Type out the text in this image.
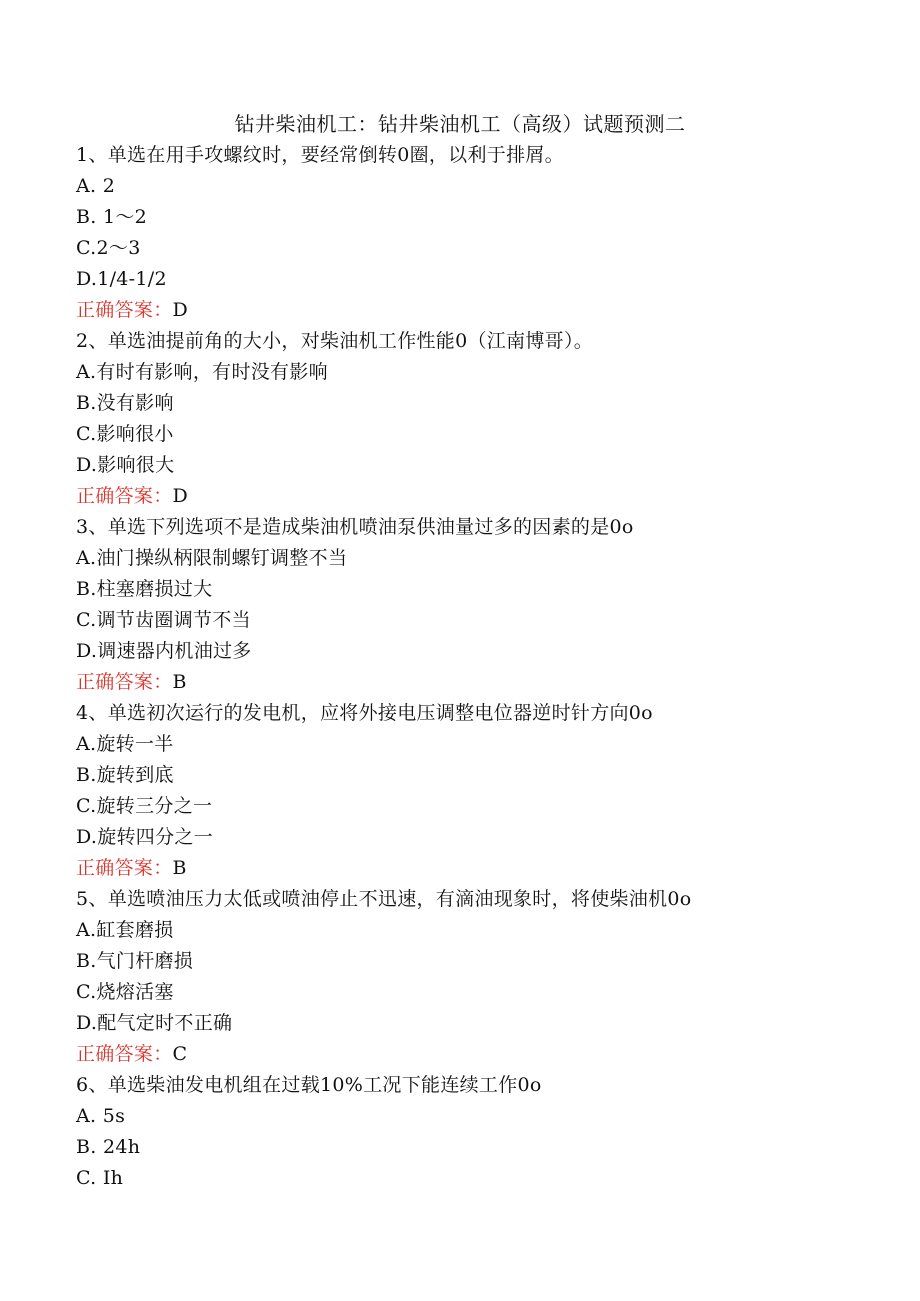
钻井柴油机工：钻井柴油机工（高级）试题预测二
1、单选在用手攻螺纹时，要经常倒转0圈，以利于排屑。
A. 2
B. 1～2
C.2～3
D.1/4-1/2
正确答案：D
2、单选油提前角的大小，对柴油机工作性能0（江南博哥）。
A.有时有影响，有时没有影响
B.没有影响
C.影响很小
D.影响很大
正确答案：D
3、单选下列选项不是造成柴油机喷油泵供油量过多的因素的是0o
A.油门操纵柄限制螺钉调整不当
B.柱塞磨损过大
C.调节齿圈调节不当
D.调速器内机油过多
正确答案：B
4、单选初次运行的发电机，应将外接电压调整电位器逆时针方向0o
A.旋转一半
B.旋转到底
C.旋转三分之一
D.旋转四分之一
正确答案：B
5、单选喷油压力太低或喷油停止不迅速，有滴油现象时，将使柴油机0o
A.缸套磨损
B.气门杆磨损
C.烧熔活塞
D.配气定时不正确
正确答案：C
6、单选柴油发电机组在过载10%工况下能连续工作0o
A. 5s
B. 24h
C. Ih
